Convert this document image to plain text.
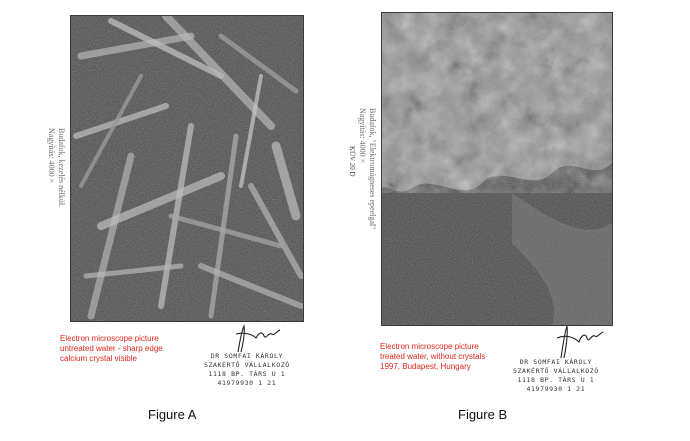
Budafok, kezelés nélkül.
Nagyítás: 4000 ×
Electron microscope picture
untreated water - sharp edge
calcium crystal visible	DR SOMFAI KÁROLY
SZAKÉRTŐ VÁLLALKOZÓ
1118 BP. TÁRS U 1
41979930 1 21
Figure A
Budafok, "Elektromágneses epeelgal"
Nagyítás: 4000 ×
KÜV 20 D
Electron microscope picture
treated water, without crystals
1997, Budapest, Hungary	DR SOMFAI KÁROLY
SZAKÉRTŐ VÁLLALKOZÓ
1118 BP. TÁRS U 1
41979930 1 21
Figure B
